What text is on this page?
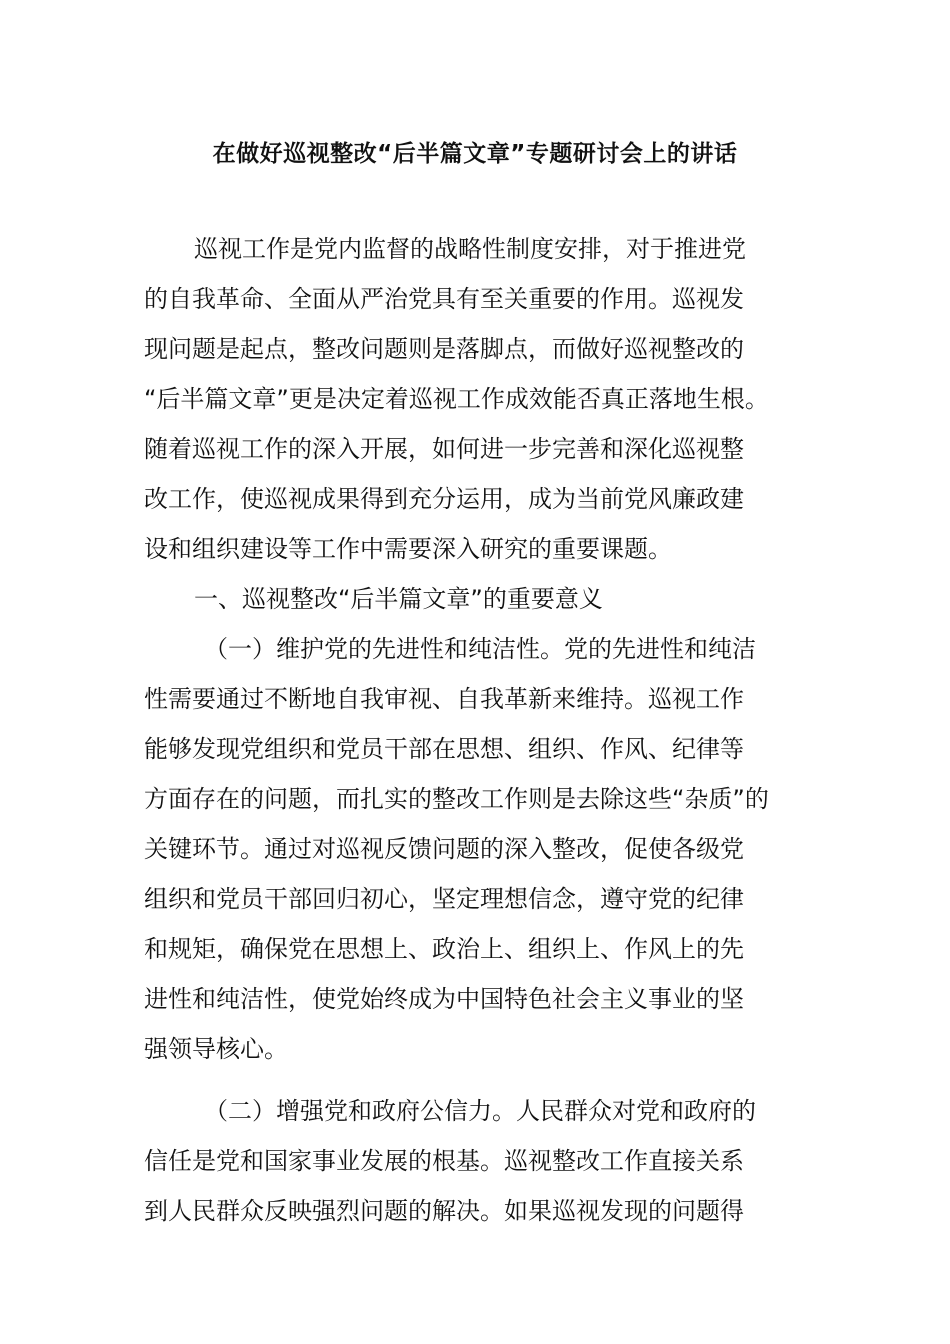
在做好巡视整改“后半篇文章”专题研讨会上的讲话
巡视工作是党内监督的战略性制度安排，对于推进党
的自我革命、全面从严治党具有至关重要的作用。巡视发
现问题是起点，整改问题则是落脚点，而做好巡视整改的
“后半篇文章”更是决定着巡视工作成效能否真正落地生根。
随着巡视工作的深入开展，如何进一步完善和深化巡视整
改工作，使巡视成果得到充分运用，成为当前党风廉政建
设和组织建设等工作中需要深入研究的重要课题。
一、巡视整改“后半篇文章”的重要意义
（一）维护党的先进性和纯洁性。党的先进性和纯洁
性需要通过不断地自我审视、自我革新来维持。巡视工作
能够发现党组织和党员干部在思想、组织、作风、纪律等
方面存在的问题，而扎实的整改工作则是去除这些“杂质”的
关键环节。通过对巡视反馈问题的深入整改，促使各级党
组织和党员干部回归初心，坚定理想信念，遵守党的纪律
和规矩，确保党在思想上、政治上、组织上、作风上的先
进性和纯洁性，使党始终成为中国特色社会主义事业的坚
强领导核心。
（二）增强党和政府公信力。人民群众对党和政府的
信任是党和国家事业发展的根基。巡视整改工作直接关系
到人民群众反映强烈问题的解决。如果巡视发现的问题得
